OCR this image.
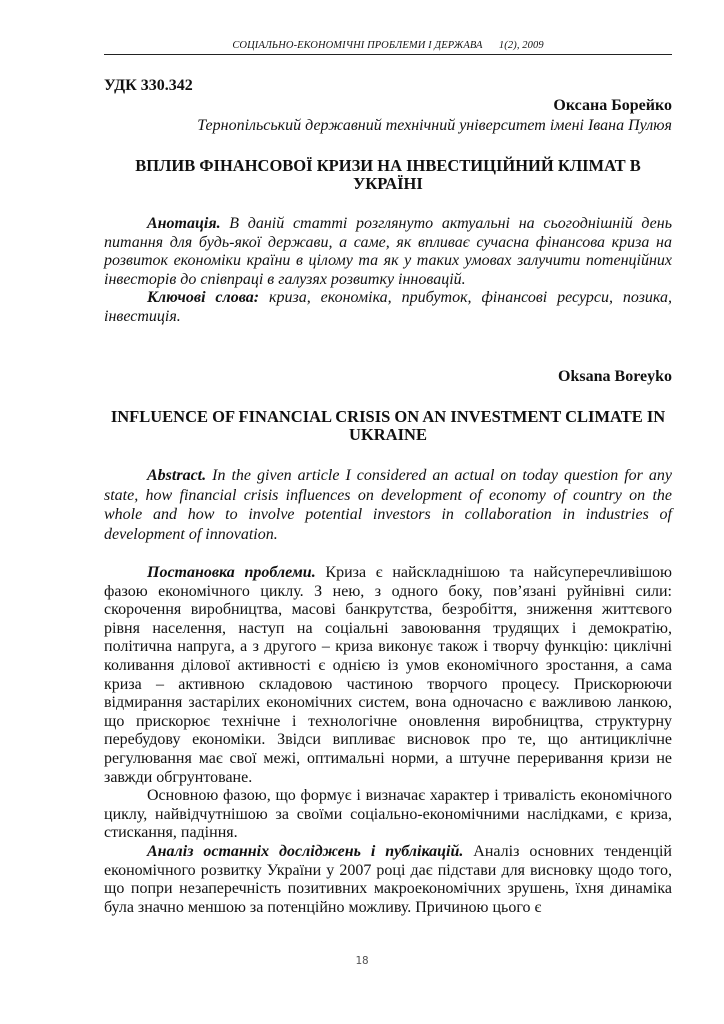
СОЦІАЛЬНО-ЕКОНОМІЧНІ ПРОБЛЕМИ І ДЕРЖАВА 1(2), 2009
УДК 330.342
Оксана Борейко
Тернопільський державний технічний університет імені Івана Пулюя
ВПЛИВ ФІНАНСОВОЇ КРИЗИ НА ІНВЕСТИЦІЙНИЙ КЛІМАТ В УКРАЇНІ
Анотація. В даній статті розглянуто актуальні на сьогоднішній день питання для будь-якої держави, а саме, як впливає сучасна фінансова криза на розвиток економіки країни в цілому та як у таких умовах залучити потенційних інвесторів до співпраці в галузях розвитку інновацій.
Ключові слова: криза, економіка, прибуток, фінансові ресурси, позика, інвестиція.
Oksana Boreyko
INFLUENCE OF FINANCIAL CRISIS ON AN INVESTMENT CLIMATE IN UKRAINE
Abstract. In the given article I considered an actual on today question for any state, how financial crisis influences on development of economy of country on the whole and how to involve potential investors in collaboration in industries of development of innovation.
Постановка проблеми. Криза є найскладнішою та найсуперечливішою фазою економічного циклу. З нею, з одного боку, пов’язані руйнівні сили: скорочення виробництва, масові банкрутства, безробіття, зниження життєвого рівня населення, наступ на соціальні завоювання трудящих і демократію, політична напруга, а з другого – криза виконує також і творчу функцію: циклічні коливання ділової активності є однією із умов економічного зростання, а сама криза – активною складовою частиною творчого процесу. Прискорюючи відмирання застарілих економічних систем, вона одночасно є важливою ланкою, що прискорює технічне і технологічне оновлення виробництва, структурну перебудову економіки. Звідси випливає висновок про те, що антициклічне регулювання має свої межі, оптимальні норми, а штучне переривання кризи не завжди обгрунтоване.
Основною фазою, що формує і визначає характер і тривалість економічного циклу, найвідчутнішою за своїми соціально-економічними наслідками, є криза, стискання, падіння.
Аналіз останніх досліджень і публікацій. Аналіз основних тенденцій економічного розвитку України у 2007 році дає підстави для висновку щодо того, що попри незаперечність позитивних макроекономічних зрушень, їхня динаміка була значно меншою за потенційно можливу. Причиною цього є
18
